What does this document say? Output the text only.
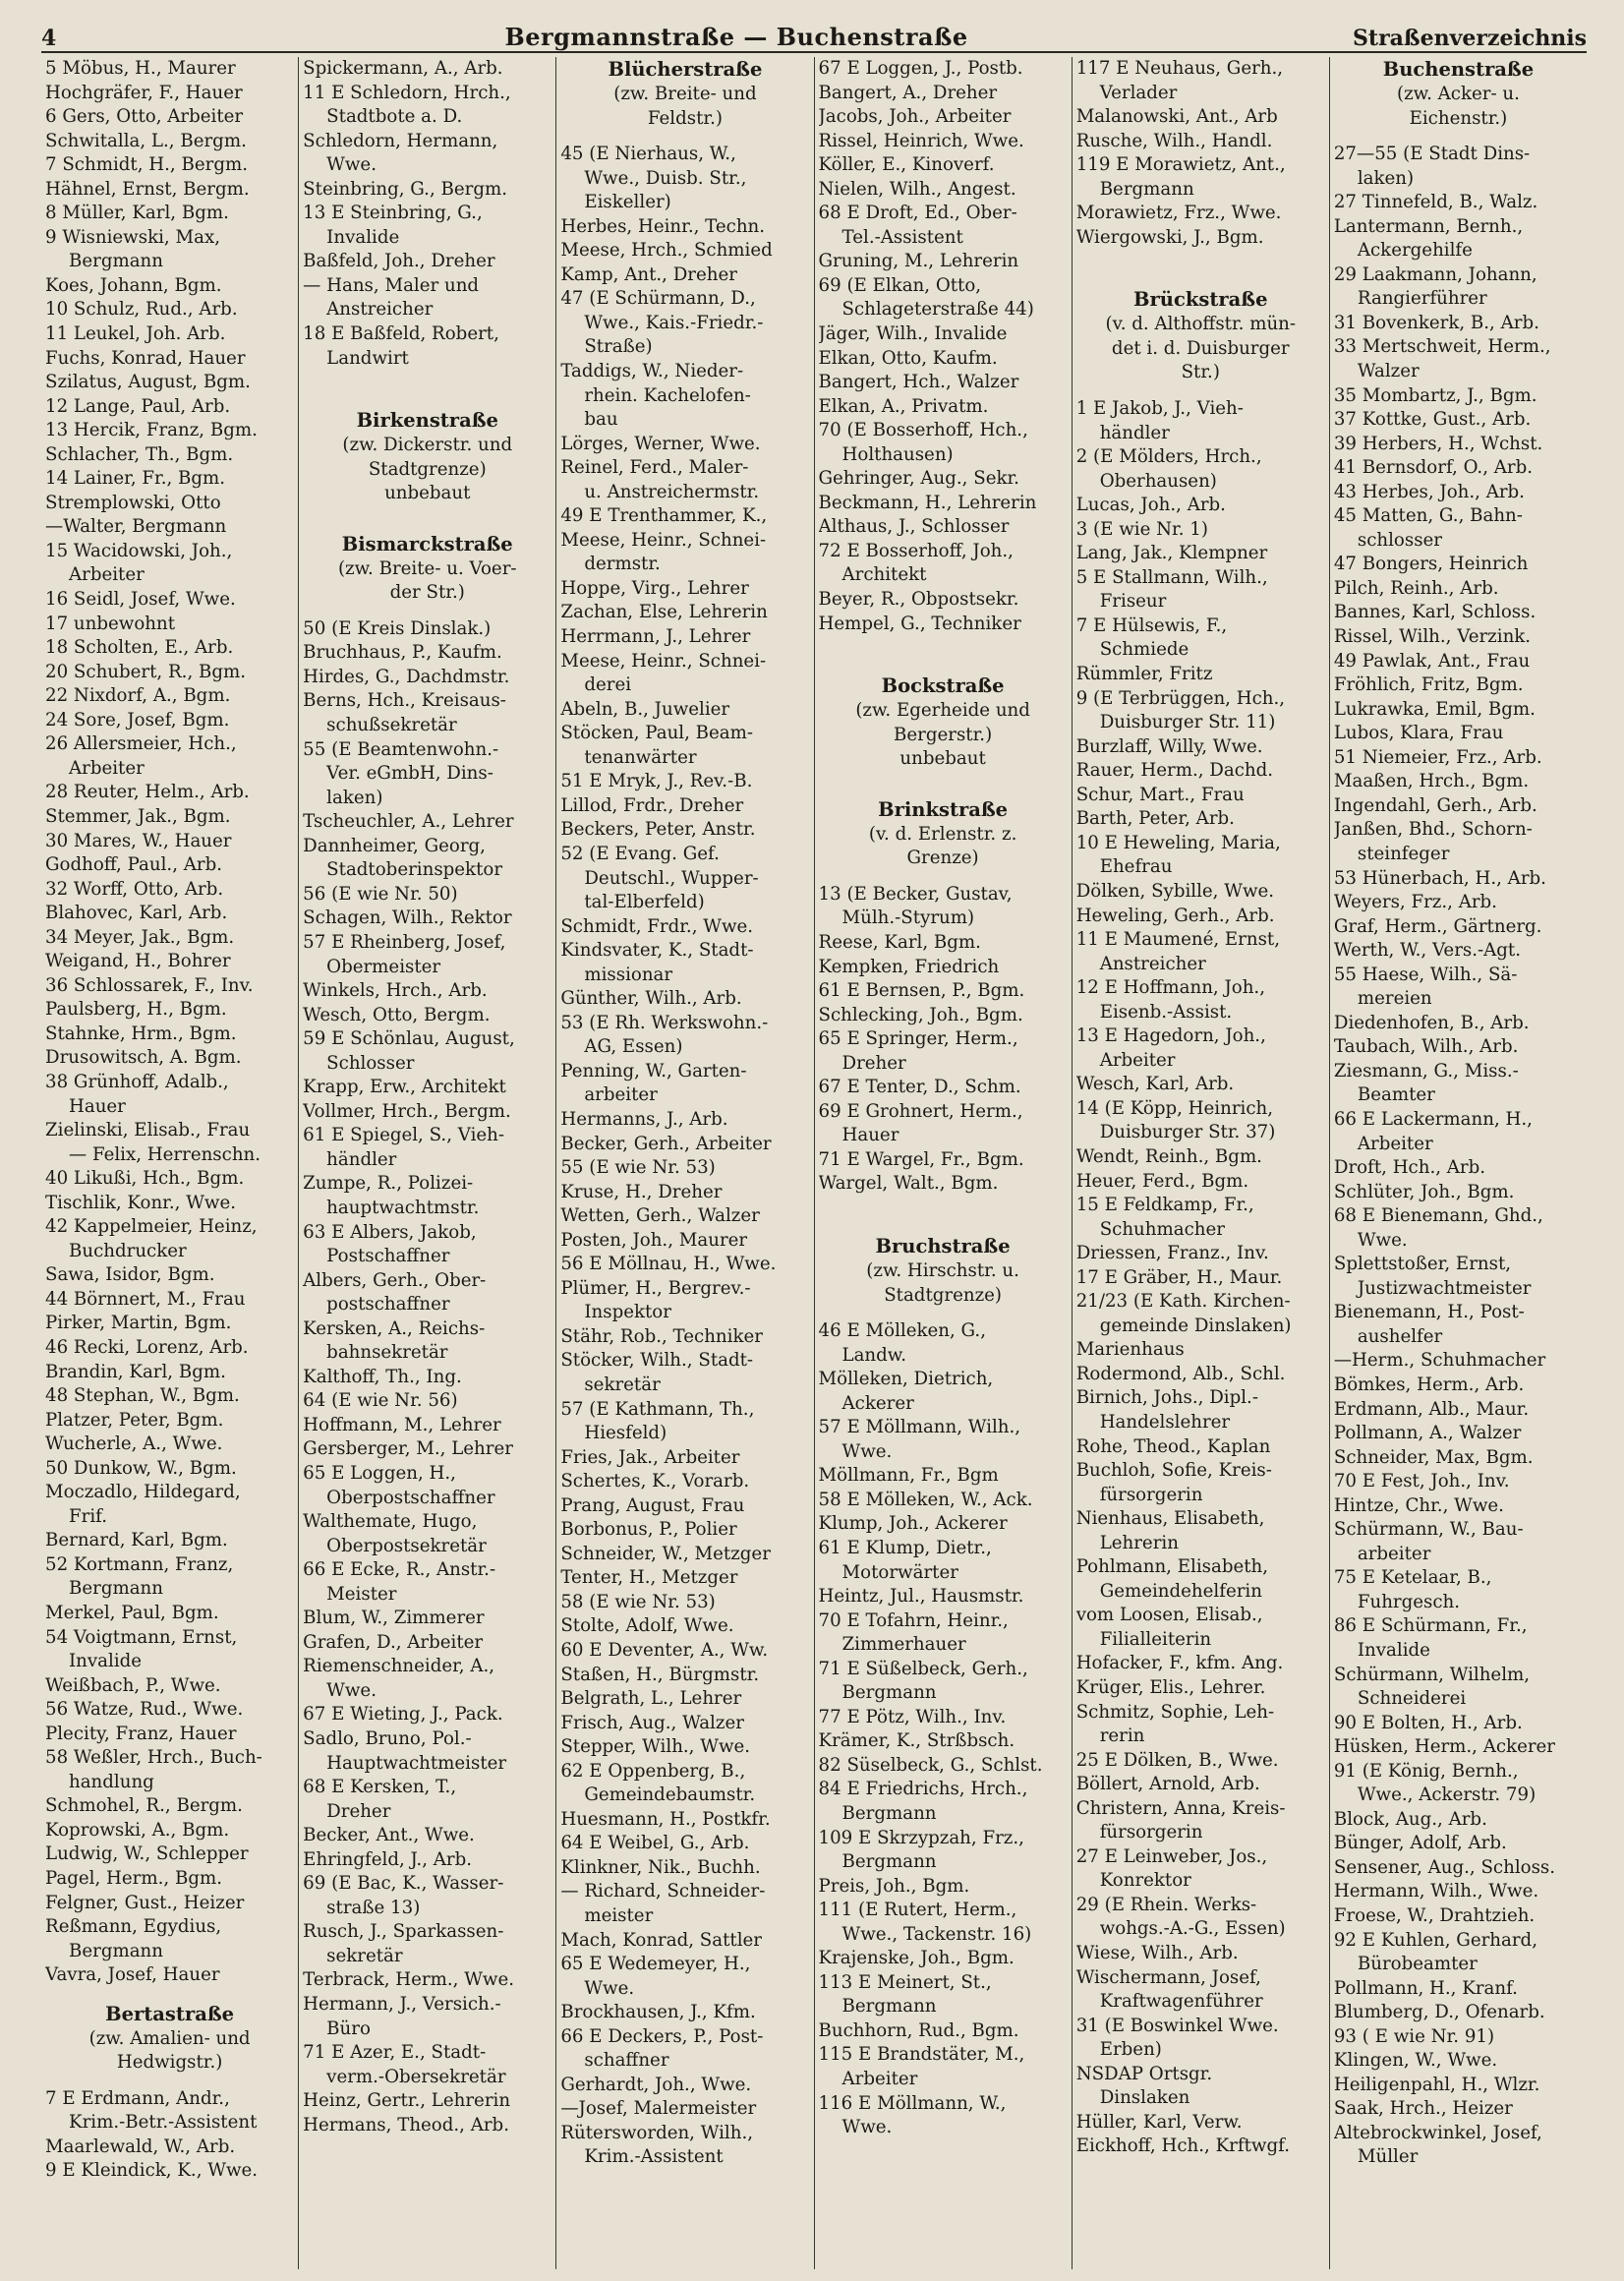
4	Bergmannstraße — Buchenstraße	Straßenverzeichnis
5 Möbus, H., Maurer
Hochgräfer, F., Hauer
6 Gers, Otto, Arbeiter
Schwitalla, L., Bergm.
7 Schmidt, H., Bergm.
Hähnel, Ernst, Bergm.
8 Müller, Karl, Bgm.
9 Wisniewski, Max,
Bergmann
Koes, Johann, Bgm.
10 Schulz, Rud., Arb.
11 Leukel, Joh. Arb.
Fuchs, Konrad, Hauer
Szilatus, August, Bgm.
12 Lange, Paul, Arb.
13 Hercik, Franz, Bgm.
Schlacher, Th., Bgm.
14 Lainer, Fr., Bgm.
Stremplowski, Otto
—Walter, Bergmann
15 Wacidowski, Joh.,
Arbeiter
16 Seidl, Josef, Wwe.
17 unbewohnt
18 Scholten, E., Arb.
20 Schubert, R., Bgm.
22 Nixdorf, A., Bgm.
24 Sore, Josef, Bgm.
26 Allersmeier, Hch.,
Arbeiter
28 Reuter, Helm., Arb.
Stemmer, Jak., Bgm.
30 Mares, W., Hauer
Godhoff, Paul., Arb.
32 Worff, Otto, Arb.
Blahovec, Karl, Arb.
34 Meyer, Jak., Bgm.
Weigand, H., Bohrer
36 Schlossarek, F., Inv.
Paulsberg, H., Bgm.
Stahnke, Hrm., Bgm.
Drusowitsch, A. Bgm.
38 Grünhoff, Adalb.,
Hauer
Zielinski, Elisab., Frau
— Felix, Herrenschn.
40 Likußi, Hch., Bgm.
Tischlik, Konr., Wwe.
42 Kappelmeier, Heinz,
Buchdrucker
Sawa, Isidor, Bgm.
44 Börnnert, M., Frau
Pirker, Martin, Bgm.
46 Recki, Lorenz, Arb.
Brandin, Karl, Bgm.
48 Stephan, W., Bgm.
Platzer, Peter, Bgm.
Wucherle, A., Wwe.
50 Dunkow, W., Bgm.
Moczadlo, Hildegard,
Frif.
Bernard, Karl, Bgm.
52 Kortmann, Franz,
Bergmann
Merkel, Paul, Bgm.
54 Voigtmann, Ernst,
Invalide
Weißbach, P., Wwe.
56 Watze, Rud., Wwe.
Plecity, Franz, Hauer
58 Weßler, Hrch., Buch-
handlung
Schmohel, R., Bergm.
Koprowski, A., Bgm.
Ludwig, W., Schlepper
Pagel, Herm., Bgm.
Felgner, Gust., Heizer
Reßmann, Egydius,
Bergmann
Vavra, Josef, Hauer
Bertastraße
(zw. Amalien- und
Hedwigstr.)
7 E Erdmann, Andr.,
Krim.-Betr.-Assistent
Maarlewald, W., Arb.
9 E Kleindick, K., Wwe.
Spickermann, A., Arb.
11 E Schledorn, Hrch.,
Stadtbote a. D.
Schledorn, Hermann,
Wwe.
Steinbring, G., Bergm.
13 E Steinbring, G.,
Invalide
Baßfeld, Joh., Dreher
— Hans, Maler und
Anstreicher
18 E Baßfeld, Robert,
Landwirt
Birkenstraße
(zw. Dickerstr. und
Stadtgrenze)
unbebaut
Bismarckstraße
(zw. Breite- u. Voer-
der Str.)
50 (E Kreis Dinslak.)
Bruchhaus, P., Kaufm.
Hirdes, G., Dachdmstr.
Berns, Hch., Kreisaus-
schußsekretär
55 (E Beamtenwohn.-
Ver. eGmbH, Dins-
laken)
Tscheuchler, A., Lehrer
Dannheimer, Georg,
Stadtoberinspektor
56 (E wie Nr. 50)
Schagen, Wilh., Rektor
57 E Rheinberg, Josef,
Obermeister
Winkels, Hrch., Arb.
Wesch, Otto, Bergm.
59 E Schönlau, August,
Schlosser
Krapp, Erw., Architekt
Vollmer, Hrch., Bergm.
61 E Spiegel, S., Vieh-
händler
Zumpe, R., Polizei-
hauptwachtmstr.
63 E Albers, Jakob,
Postschaffner
Albers, Gerh., Ober-
postschaffner
Kersken, A., Reichs-
bahnsekretär
Kalthoff, Th., Ing.
64 (E wie Nr. 56)
Hoffmann, M., Lehrer
Gersberger, M., Lehrer
65 E Loggen, H.,
Oberpostschaffner
Walthemate, Hugo,
Oberpostsekretär
66 E Ecke, R., Anstr.-
Meister
Blum, W., Zimmerer
Grafen, D., Arbeiter
Riemenschneider, A.,
Wwe.
67 E Wieting, J., Pack.
Sadlo, Bruno, Pol.-
Hauptwachtmeister
68 E Kersken, T.,
Dreher
Becker, Ant., Wwe.
Ehringfeld, J., Arb.
69 (E Bac, K., Wasser-
straße 13)
Rusch, J., Sparkassen-
sekretär
Terbrack, Herm., Wwe.
Hermann, J., Versich.-
Büro
71 E Azer, E., Stadt-
verm.-Obersekretär
Heinz, Gertr., Lehrerin
Hermans, Theod., Arb.
Blücherstraße
(zw. Breite- und
Feldstr.)
45 (E Nierhaus, W.,
Wwe., Duisb. Str.,
Eiskeller)
Herbes, Heinr., Techn.
Meese, Hrch., Schmied
Kamp, Ant., Dreher
47 (E Schürmann, D.,
Wwe., Kais.-Friedr.-
Straße)
Taddigs, W., Nieder-
rhein. Kachelofen-
bau
Lörges, Werner, Wwe.
Reinel, Ferd., Maler-
u. Anstreichermstr.
49 E Trenthammer, K.,
Meese, Heinr., Schnei-
dermstr.
Hoppe, Virg., Lehrer
Zachan, Else, Lehrerin
Herrmann, J., Lehrer
Meese, Heinr., Schnei-
derei
Abeln, B., Juwelier
Stöcken, Paul, Beam-
tenanwärter
51 E Mryk, J., Rev.-B.
Lillod, Frdr., Dreher
Beckers, Peter, Anstr.
52 (E Evang. Gef.
Deutschl., Wupper-
tal-Elberfeld)
Schmidt, Frdr., Wwe.
Kindsvater, K., Stadt-
missionar
Günther, Wilh., Arb.
53 (E Rh. Werkswohn.-
AG, Essen)
Penning, W., Garten-
arbeiter
Hermanns, J., Arb.
Becker, Gerh., Arbeiter
55 (E wie Nr. 53)
Kruse, H., Dreher
Wetten, Gerh., Walzer
Posten, Joh., Maurer
56 E Möllnau, H., Wwe.
Plümer, H., Bergrev.-
Inspektor
Stähr, Rob., Techniker
Stöcker, Wilh., Stadt-
sekretär
57 (E Kathmann, Th.,
Hiesfeld)
Fries, Jak., Arbeiter
Schertes, K., Vorarb.
Prang, August, Frau
Borbonus, P., Polier
Schneider, W., Metzger
Tenter, H., Metzger
58 (E wie Nr. 53)
Stolte, Adolf, Wwe.
60 E Deventer, A., Ww.
Staßen, H., Bürgmstr.
Belgrath, L., Lehrer
Frisch, Aug., Walzer
Stepper, Wilh., Wwe.
62 E Oppenberg, B.,
Gemeindebaumstr.
Huesmann, H., Postkfr.
64 E Weibel, G., Arb.
Klinkner, Nik., Buchh.
— Richard, Schneider-
meister
Mach, Konrad, Sattler
65 E Wedemeyer, H.,
Wwe.
Brockhausen, J., Kfm.
66 E Deckers, P., Post-
schaffner
Gerhardt, Joh., Wwe.
—Josef, Malermeister
Rütersworden, Wilh.,
Krim.-Assistent
67 E Loggen, J., Postb.
Bangert, A., Dreher
Jacobs, Joh., Arbeiter
Rissel, Heinrich, Wwe.
Köller, E., Kinoverf.
Nielen, Wilh., Angest.
68 E Droft, Ed., Ober-
Tel.-Assistent
Gruning, M., Lehrerin
69 (E Elkan, Otto,
Schlageterstraße 44)
Jäger, Wilh., Invalide
Elkan, Otto, Kaufm.
Bangert, Hch., Walzer
Elkan, A., Privatm.
70 (E Bosserhoff, Hch.,
Holthausen)
Gehringer, Aug., Sekr.
Beckmann, H., Lehrerin
Althaus, J., Schlosser
72 E Bosserhoff, Joh.,
Architekt
Beyer, R., Obpostsekr.
Hempel, G., Techniker
Bockstraße
(zw. Egerheide und
Bergerstr.)
unbebaut
Brinkstraße
(v. d. Erlenstr. z.
Grenze)
13 (E Becker, Gustav,
Mülh.-Styrum)
Reese, Karl, Bgm.
Kempken, Friedrich
61 E Bernsen, P., Bgm.
Schlecking, Joh., Bgm.
65 E Springer, Herm.,
Dreher
67 E Tenter, D., Schm.
69 E Grohnert, Herm.,
Hauer
71 E Wargel, Fr., Bgm.
Wargel, Walt., Bgm.
Bruchstraße
(zw. Hirschstr. u.
Stadtgrenze)
46 E Mölleken, G.,
Landw.
Mölleken, Dietrich,
Ackerer
57 E Möllmann, Wilh.,
Wwe.
Möllmann, Fr., Bgm
58 E Mölleken, W., Ack.
Klump, Joh., Ackerer
61 E Klump, Dietr.,
Motorwärter
Heintz, Jul., Hausmstr.
70 E Tofahrn, Heinr.,
Zimmerhauer
71 E Süßelbeck, Gerh.,
Bergmann
77 E Pötz, Wilh., Inv.
Krämer, K., Strßbsch.
82 Süselbeck, G., Schlst.
84 E Friedrichs, Hrch.,
Bergmann
109 E Skrzypzah, Frz.,
Bergmann
Preis, Joh., Bgm.
111 (E Rutert, Herm.,
Wwe., Tackenstr. 16)
Krajenske, Joh., Bgm.
113 E Meinert, St.,
Bergmann
Buchhorn, Rud., Bgm.
115 E Brandstäter, M.,
Arbeiter
116 E Möllmann, W.,
Wwe.
117 E Neuhaus, Gerh.,
Verlader
Malanowski, Ant., Arb
Rusche, Wilh., Handl.
119 E Morawietz, Ant.,
Bergmann
Morawietz, Frz., Wwe.
Wiergowski, J., Bgm.
Brückstraße
(v. d. Althoffstr. mün-
det i. d. Duisburger
Str.)
1 E Jakob, J., Vieh-
händler
2 (E Mölders, Hrch.,
Oberhausen)
Lucas, Joh., Arb.
3 (E wie Nr. 1)
Lang, Jak., Klempner
5 E Stallmann, Wilh.,
Friseur
7 E Hülsewis, F.,
Schmiede
Rümmler, Fritz
9 (E Terbrüggen, Hch.,
Duisburger Str. 11)
Burzlaff, Willy, Wwe.
Rauer, Herm., Dachd.
Schur, Mart., Frau
Barth, Peter, Arb.
10 E Heweling, Maria,
Ehefrau
Dölken, Sybille, Wwe.
Heweling, Gerh., Arb.
11 E Maumené, Ernst,
Anstreicher
12 E Hoffmann, Joh.,
Eisenb.-Assist.
13 E Hagedorn, Joh.,
Arbeiter
Wesch, Karl, Arb.
14 (E Köpp, Heinrich,
Duisburger Str. 37)
Wendt, Reinh., Bgm.
Heuer, Ferd., Bgm.
15 E Feldkamp, Fr.,
Schuhmacher
Driessen, Franz., Inv.
17 E Gräber, H., Maur.
21/23 (E Kath. Kirchen-
gemeinde Dinslaken)
Marienhaus
Rodermond, Alb., Schl.
Birnich, Johs., Dipl.-
Handelslehrer
Rohe, Theod., Kaplan
Buchloh, Sofie, Kreis-
fürsorgerin
Nienhaus, Elisabeth,
Lehrerin
Pohlmann, Elisabeth,
Gemeindehelferin
vom Loosen, Elisab.,
Filialleiterin
Hofacker, F., kfm. Ang.
Krüger, Elis., Lehrer.
Schmitz, Sophie, Leh-
rerin
25 E Dölken, B., Wwe.
Böllert, Arnold, Arb.
Christern, Anna, Kreis-
fürsorgerin
27 E Leinweber, Jos.,
Konrektor
29 (E Rhein. Werks-
wohgs.-A.-G., Essen)
Wiese, Wilh., Arb.
Wischermann, Josef,
Kraftwagenführer
31 (E Boswinkel Wwe.
Erben)
NSDAP Ortsgr.
Dinslaken
Hüller, Karl, Verw.
Eickhoff, Hch., Krftwgf.
Buchenstraße
(zw. Acker- u.
Eichenstr.)
27—55 (E Stadt Dins-
laken)
27 Tinnefeld, B., Walz.
Lantermann, Bernh.,
Ackergehilfe
29 Laakmann, Johann,
Rangierführer
31 Bovenkerk, B., Arb.
33 Mertschweit, Herm.,
Walzer
35 Mombartz, J., Bgm.
37 Kottke, Gust., Arb.
39 Herbers, H., Wchst.
41 Bernsdorf, O., Arb.
43 Herbes, Joh., Arb.
45 Matten, G., Bahn-
schlosser
47 Bongers, Heinrich
Pilch, Reinh., Arb.
Bannes, Karl, Schloss.
Rissel, Wilh., Verzink.
49 Pawlak, Ant., Frau
Fröhlich, Fritz, Bgm.
Lukrawka, Emil, Bgm.
Lubos, Klara, Frau
51 Niemeier, Frz., Arb.
Maaßen, Hrch., Bgm.
Ingendahl, Gerh., Arb.
Janßen, Bhd., Schorn-
steinfeger
53 Hünerbach, H., Arb.
Weyers, Frz., Arb.
Graf, Herm., Gärtnerg.
Werth, W., Vers.-Agt.
55 Haese, Wilh., Sä-
mereien
Diedenhofen, B., Arb.
Taubach, Wilh., Arb.
Ziesmann, G., Miss.-
Beamter
66 E Lackermann, H.,
Arbeiter
Droft, Hch., Arb.
Schlüter, Joh., Bgm.
68 E Bienemann, Ghd.,
Wwe.
Splettstoßer, Ernst,
Justizwachtmeister
Bienemann, H., Post-
aushelfer
—Herm., Schuhmacher
Bömkes, Herm., Arb.
Erdmann, Alb., Maur.
Pollmann, A., Walzer
Schneider, Max, Bgm.
70 E Fest, Joh., Inv.
Hintze, Chr., Wwe.
Schürmann, W., Bau-
arbeiter
75 E Ketelaar, B.,
Fuhrgesch.
86 E Schürmann, Fr.,
Invalide
Schürmann, Wilhelm,
Schneiderei
90 E Bolten, H., Arb.
Hüsken, Herm., Ackerer
91 (E König, Bernh.,
Wwe., Ackerstr. 79)
Block, Aug., Arb.
Bünger, Adolf, Arb.
Sensener, Aug., Schloss.
Hermann, Wilh., Wwe.
Froese, W., Drahtzieh.
92 E Kuhlen, Gerhard,
Bürobeamter
Pollmann, H., Kranf.
Blumberg, D., Ofenarb.
93 ( E wie Nr. 91)
Klingen, W., Wwe.
Heiligenpahl, H., Wlzr.
Saak, Hrch., Heizer
Altebrockwinkel, Josef,
Müller
